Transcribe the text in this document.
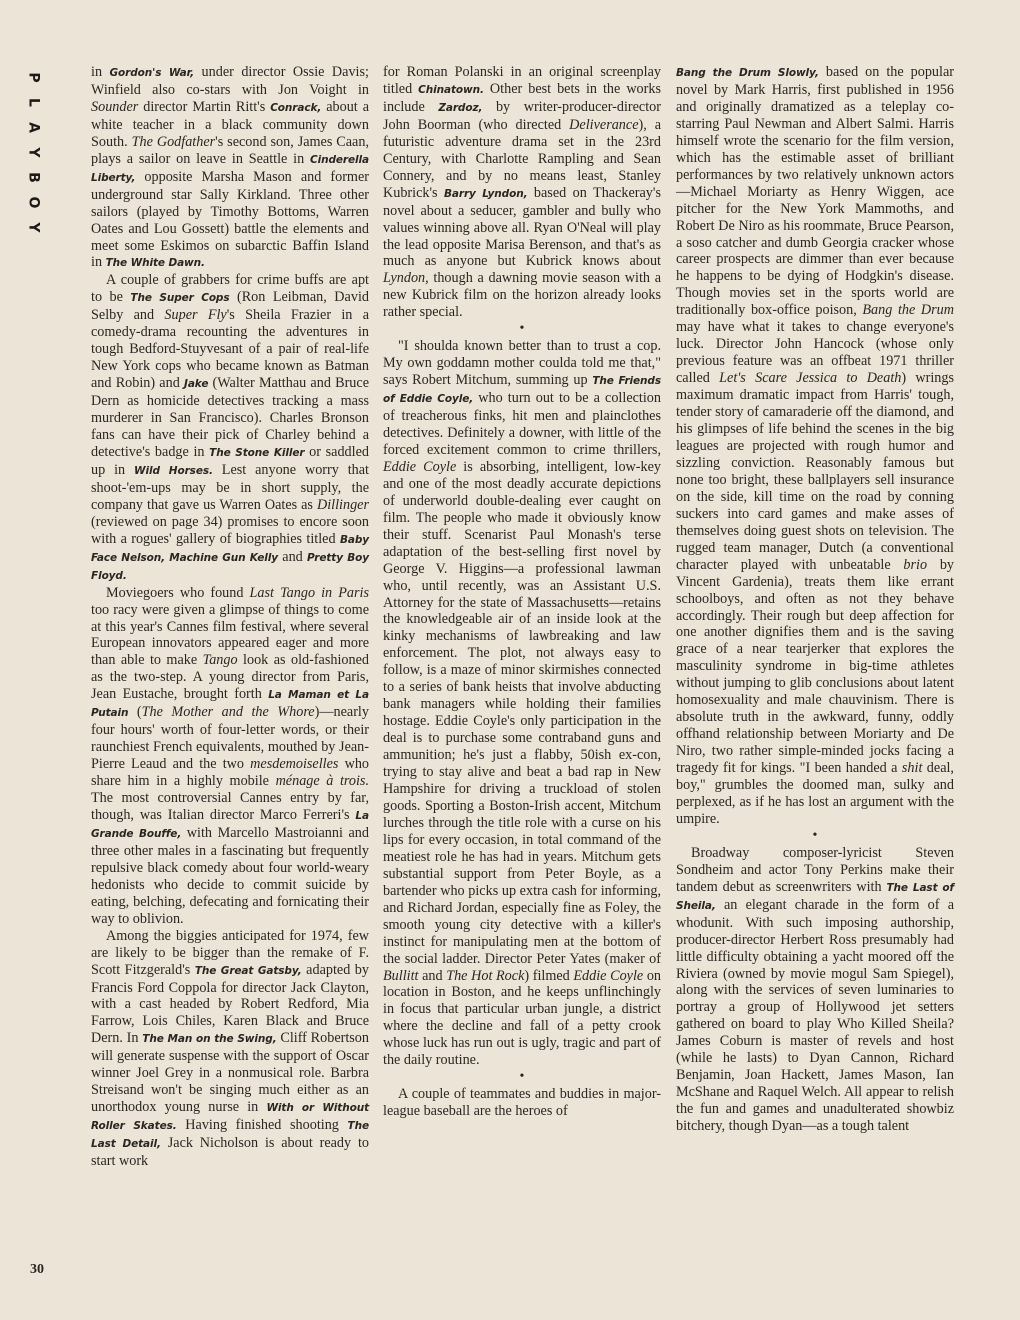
P
L
A
Y
B
O
Y

in Gordon's War, under director Ossie Davis; Winfield also co-stars with Jon Voight in Sounder director Martin Ritt's Conrack, about a white teacher in a black community down South. The Godfather's second son, James Caan, plays a sailor on leave in Seattle in Cinderella Liberty, opposite Marsha Mason and former underground star Sally Kirkland. Three other sailors (played by Timothy Bottoms, Warren Oates and Lou Gossett) battle the elements and meet some Eskimos on subarctic Baffin Island in The White Dawn.

A couple of grabbers for crime buffs are apt to be The Super Cops (Ron Leibman, David Selby and Super Fly's Sheila Frazier in a comedy-drama recounting the adventures in tough Bedford-Stuyvesant of a pair of real-life New York cops who became known as Batman and Robin) and Jake (Walter Matthau and Bruce Dern as homicide detectives tracking a mass murderer in San Francisco). Charles Bronson fans can have their pick of Charley behind a detective's badge in The Stone Killer or saddled up in Wild Horses. Lest anyone worry that shoot-'em-ups may be in short supply, the company that gave us Warren Oates as Dillinger (reviewed on page 34) promises to encore soon with a rogues' gallery of biographies titled Baby Face Nelson, Machine Gun Kelly and Pretty Boy Floyd.

Moviegoers who found Last Tango in Paris too racy were given a glimpse of things to come at this year's Cannes film festival, where several European innovators appeared eager and more than able to make Tango look as old-fashioned as the two-step. A young director from Paris, Jean Eustache, brought forth La Maman et La Putain (The Mother and the Whore)—nearly four hours' worth of four-letter words, or their raunchiest French equivalents, mouthed by Jean-Pierre Leaud and the two mesdemoiselles who share him in a highly mobile ménage à trois. The most controversial Cannes entry by far, though, was Italian director Marco Ferreri's La Grande Bouffe, with Marcello Mastroianni and three other males in a fascinating but frequently repulsive black comedy about four world-weary hedonists who decide to commit suicide by eating, belching, defecating and fornicating their way to oblivion.

Among the biggies anticipated for 1974, few are likely to be bigger than the remake of F. Scott Fitzgerald's The Great Gatsby, adapted by Francis Ford Coppola for director Jack Clayton, with a cast headed by Robert Redford, Mia Farrow, Lois Chiles, Karen Black and Bruce Dern. In The Man on the Swing, Cliff Robertson will generate suspense with the support of Oscar winner Joel Grey in a nonmusical role. Barbra Streisand won't be singing much either as an unorthodox young nurse in With or Without Roller Skates. Having finished shooting The Last Detail, Jack Nicholson is about ready to start work

for Roman Polanski in an original screenplay titled Chinatown. Other best bets in the works include Zardoz, by writer-producer-director John Boorman (who directed Deliverance), a futuristic adventure drama set in the 23rd Century, with Charlotte Rampling and Sean Connery, and by no means least, Stanley Kubrick's Barry Lyndon, based on Thackeray's novel about a seducer, gambler and bully who values winning above all. Ryan O'Neal will play the lead opposite Marisa Berenson, and that's as much as anyone but Kubrick knows about Lyndon, though a dawning movie season with a new Kubrick film on the horizon already looks rather special.

•

"I shoulda known better than to trust a cop. My own goddamn mother coulda told me that," says Robert Mitchum, summing up The Friends of Eddie Coyle, who turn out to be a collection of treacherous finks, hit men and plainclothes detectives. Definitely a downer, with little of the forced excitement common to crime thrillers, Eddie Coyle is absorbing, intelligent, low-key and one of the most deadly accurate depictions of underworld double-dealing ever caught on film. The people who made it obviously know their stuff. Scenarist Paul Monash's terse adaptation of the best-selling first novel by George V. Higgins—a professional lawman who, until recently, was an Assistant U.S. Attorney for the state of Massachusetts—retains the knowledgeable air of an inside look at the kinky mechanisms of lawbreaking and law enforcement. The plot, not always easy to follow, is a maze of minor skirmishes connected to a series of bank heists that involve abducting bank managers while holding their families hostage. Eddie Coyle's only participation in the deal is to purchase some contraband guns and ammunition; he's just a flabby, 50ish ex-con, trying to stay alive and beat a bad rap in New Hampshire for driving a truckload of stolen goods. Sporting a Boston-Irish accent, Mitchum lurches through the title role with a curse on his lips for every occasion, in total command of the meatiest role he has had in years. Mitchum gets substantial support from Peter Boyle, as a bartender who picks up extra cash for informing, and Richard Jordan, especially fine as Foley, the smooth young city detective with a killer's instinct for manipulating men at the bottom of the social ladder. Director Peter Yates (maker of Bullitt and The Hot Rock) filmed Eddie Coyle on location in Boston, and he keeps unflinchingly in focus that particular urban jungle, a district where the decline and fall of a petty crook whose luck has run out is ugly, tragic and part of the daily routine.

•

A couple of teammates and buddies in major-league baseball are the heroes of

Bang the Drum Slowly, based on the popular novel by Mark Harris, first published in 1956 and originally dramatized as a teleplay co-starring Paul Newman and Albert Salmi. Harris himself wrote the scenario for the film version, which has the estimable asset of brilliant performances by two relatively unknown actors—Michael Moriarty as Henry Wiggen, ace pitcher for the New York Mammoths, and Robert De Niro as his roommate, Bruce Pearson, a soso catcher and dumb Georgia cracker whose career prospects are dimmer than ever because he happens to be dying of Hodgkin's disease. Though movies set in the sports world are traditionally box-office poison, Bang the Drum may have what it takes to change everyone's luck. Director John Hancock (whose only previous feature was an offbeat 1971 thriller called Let's Scare Jessica to Death) wrings maximum dramatic impact from Harris' tough, tender story of camaraderie off the diamond, and his glimpses of life behind the scenes in the big leagues are projected with rough humor and sizzling conviction. Reasonably famous but none too bright, these ballplayers sell insurance on the side, kill time on the road by conning suckers into card games and make asses of themselves doing guest shots on television. The rugged team manager, Dutch (a conventional character played with unbeatable brio by Vincent Gardenia), treats them like errant schoolboys, and often as not they behave accordingly. Their rough but deep affection for one another dignifies them and is the saving grace of a near tearjerker that explores the masculinity syndrome in big-time athletes without jumping to glib conclusions about latent homosexuality and male chauvinism. There is absolute truth in the awkward, funny, oddly offhand relationship between Moriarty and De Niro, two rather simple-minded jocks facing a tragedy fit for kings. "I been handed a shit deal, boy," grumbles the doomed man, sulky and perplexed, as if he has lost an argument with the umpire.

•

Broadway composer-lyricist Steven Sondheim and actor Tony Perkins make their tandem debut as screenwriters with The Last of Sheila, an elegant charade in the form of a whodunit. With such imposing authorship, producer-director Herbert Ross presumably had little difficulty obtaining a yacht moored off the Riviera (owned by movie mogul Sam Spiegel), along with the services of seven luminaries to portray a group of Hollywood jet setters gathered on board to play Who Killed Sheila? James Coburn is master of revels and host (while he lasts) to Dyan Cannon, Richard Benjamin, Joan Hackett, James Mason, Ian McShane and Raquel Welch. All appear to relish the fun and games and unadulterated showbiz bitchery, though Dyan—as a tough talent

30
